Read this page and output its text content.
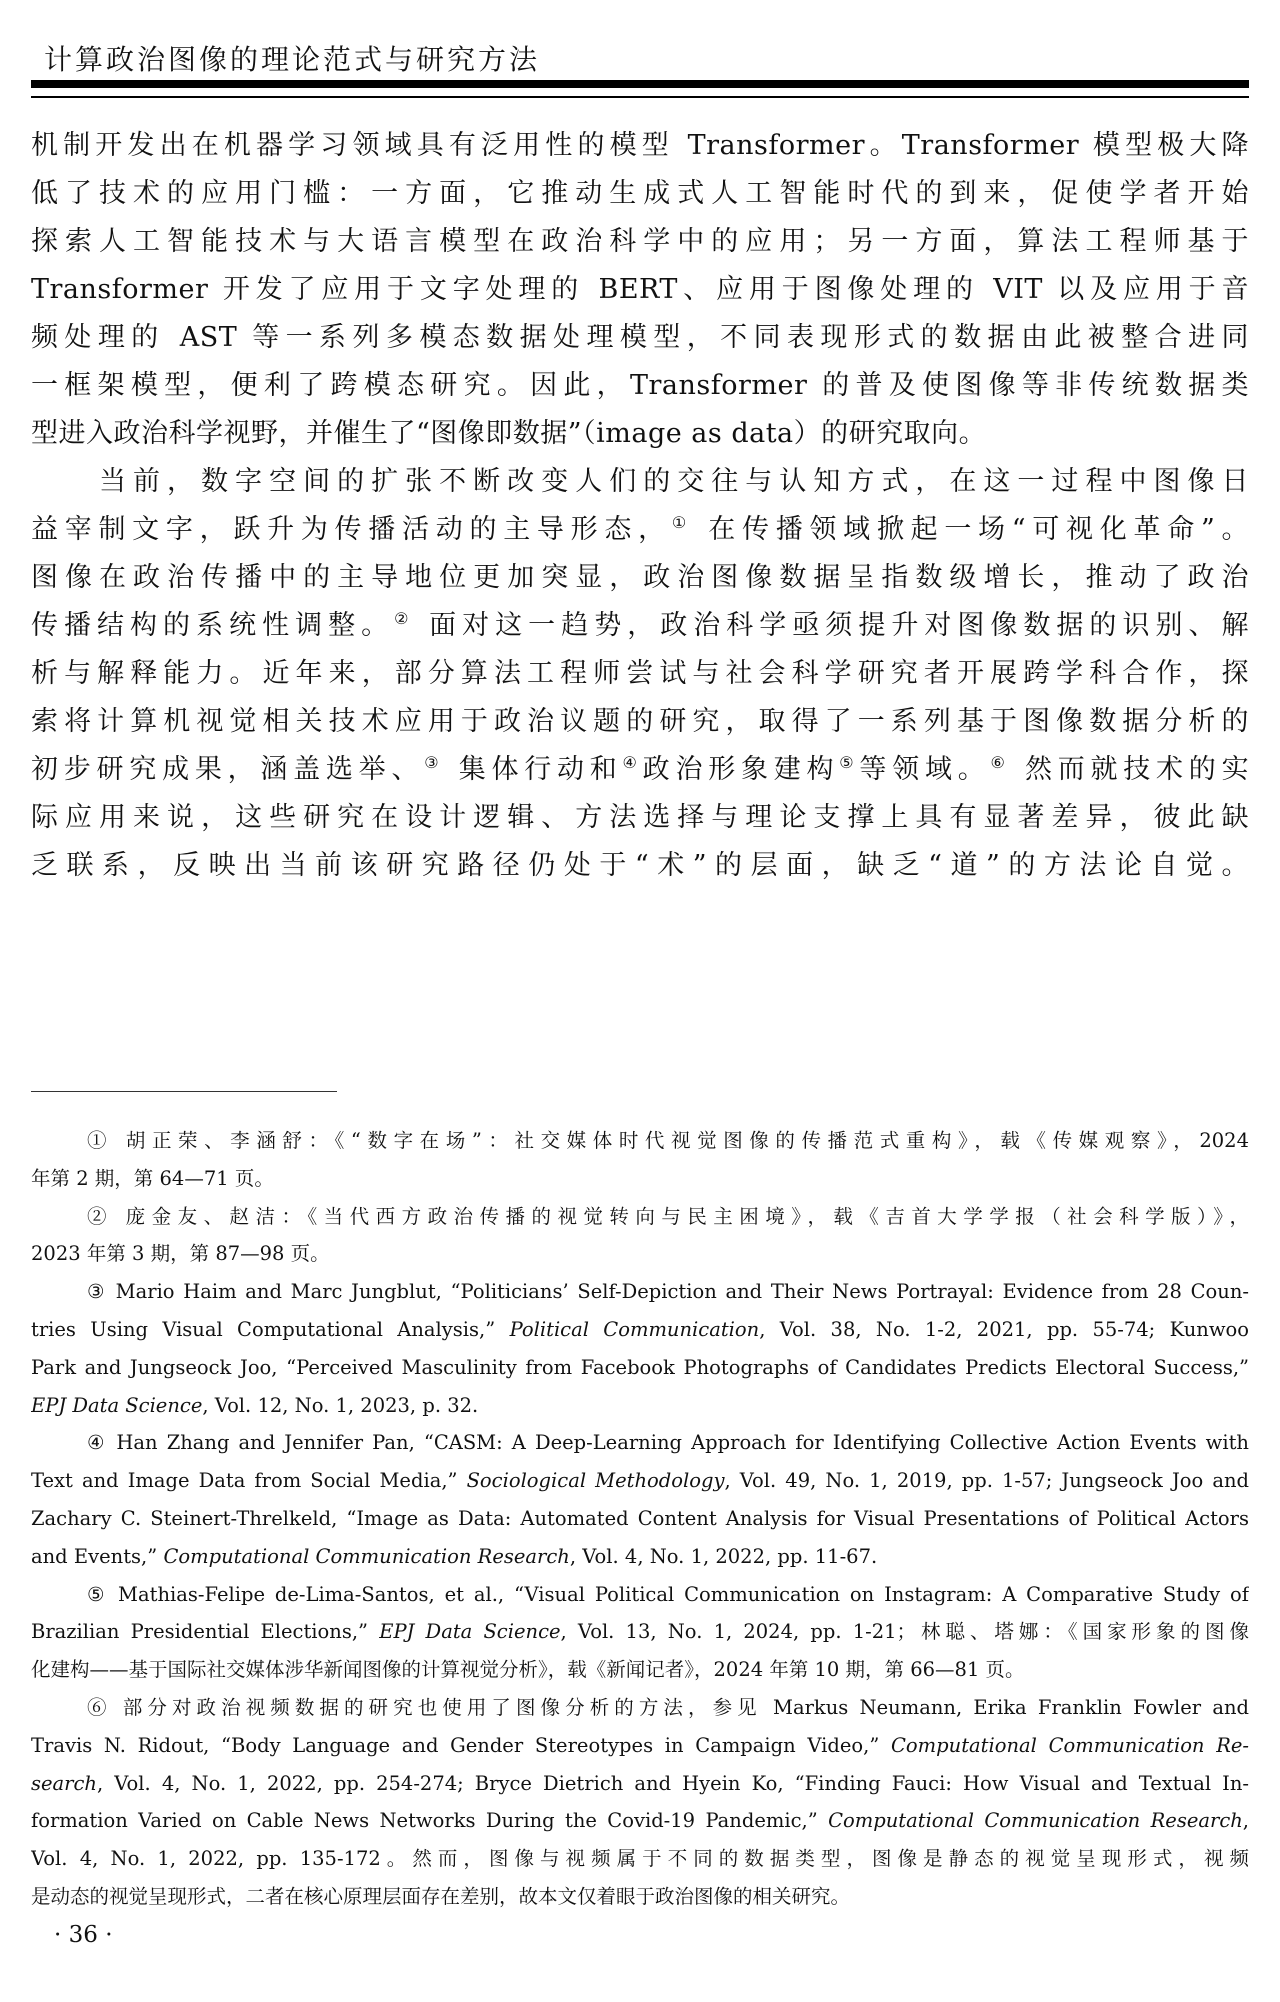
计算政治图像的理论范式与研究方法
机制开发出在机器学习领域具有泛用性的模型 Transformer。Transformer 模型极大降
低了技术的应用门槛：一方面，它推动生成式人工智能时代的到来，促使学者开始
探索人工智能技术与大语言模型在政治科学中的应用；另一方面，算法工程师基于
Transformer 开发了应用于文字处理的 BERT、应用于图像处理的 VIT 以及应用于音
频处理的 AST 等一系列多模态数据处理模型，不同表现形式的数据由此被整合进同
一框架模型，便利了跨模态研究。因此，Transformer 的普及使图像等非传统数据类
型进入政治科学视野，并催生了“图像即数据”（image as data）的研究取向。
当前，数字空间的扩张不断改变人们的交往与认知方式，在这一过程中图像日
益宰制文字，跃升为传播活动的主导形态，① 在传播领域掀起一场“可视化革命”。
图像在政治传播中的主导地位更加突显，政治图像数据呈指数级增长，推动了政治
传播结构的系统性调整。② 面对这一趋势，政治科学亟须提升对图像数据的识别、解
析与解释能力。近年来，部分算法工程师尝试与社会科学研究者开展跨学科合作，探
索将计算机视觉相关技术应用于政治议题的研究，取得了一系列基于图像数据分析的
初步研究成果，涵盖选举、③ 集体行动和④政治形象建构⑤等领域。⑥ 然而就技术的实
际应用来说，这些研究在设计逻辑、方法选择与理论支撑上具有显著差异，彼此缺
乏联系，反映出当前该研究路径仍处于“术”的层面，缺乏“道”的方法论自觉。
① 胡正荣、李涵舒：《“数字在场”：社交媒体时代视觉图像的传播范式重构》，载《传媒观察》，2024
年第 2 期，第 64—71 页。
② 庞金友、赵洁：《当代西方政治传播的视觉转向与民主困境》，载《吉首大学学报（社会科学版）》，
2023 年第 3 期，第 87—98 页。
③ Mario Haim and Marc Jungblut, “Politicians’ Self-Depiction and Their News Portrayal: Evidence from 28 Coun-
tries Using Visual Computational Analysis,” Political Communication, Vol. 38, No. 1-2, 2021, pp. 55-74; Kunwoo
Park and Jungseock Joo, “Perceived Masculinity from Facebook Photographs of Candidates Predicts Electoral Success,”
EPJ Data Science, Vol. 12, No. 1, 2023, p. 32.
④ Han Zhang and Jennifer Pan, “CASM: A Deep-Learning Approach for Identifying Collective Action Events with
Text and Image Data from Social Media,” Sociological Methodology, Vol. 49, No. 1, 2019, pp. 1-57; Jungseock Joo and
Zachary C. Steinert-Threlkeld, “Image as Data: Automated Content Analysis for Visual Presentations of Political Actors
and Events,” Computational Communication Research, Vol. 4, No. 1, 2022, pp. 11-67.
⑤ Mathias-Felipe de-Lima-Santos, et al., “Visual Political Communication on Instagram: A Comparative Study of
Brazilian Presidential Elections,” EPJ Data Science, Vol. 13, No. 1, 2024, pp. 1-21；林聪、塔娜：《国家形象的图像
化建构——基于国际社交媒体涉华新闻图像的计算视觉分析》，载《新闻记者》，2024 年第 10 期，第 66—81 页。
⑥ 部分对政治视频数据的研究也使用了图像分析的方法，参见 Markus Neumann, Erika Franklin Fowler and
Travis N. Ridout, “Body Language and Gender Stereotypes in Campaign Video,” Computational Communication Re-
search, Vol. 4, No. 1, 2022, pp. 254-274; Bryce Dietrich and Hyein Ko, “Finding Fauci: How Visual and Textual In-
formation Varied on Cable News Networks During the Covid-19 Pandemic,” Computational Communication Research,
Vol. 4, No. 1, 2022, pp. 135-172。然而，图像与视频属于不同的数据类型，图像是静态的视觉呈现形式，视频
是动态的视觉呈现形式，二者在核心原理层面存在差别，故本文仅着眼于政治图像的相关研究。
· 36 ·
